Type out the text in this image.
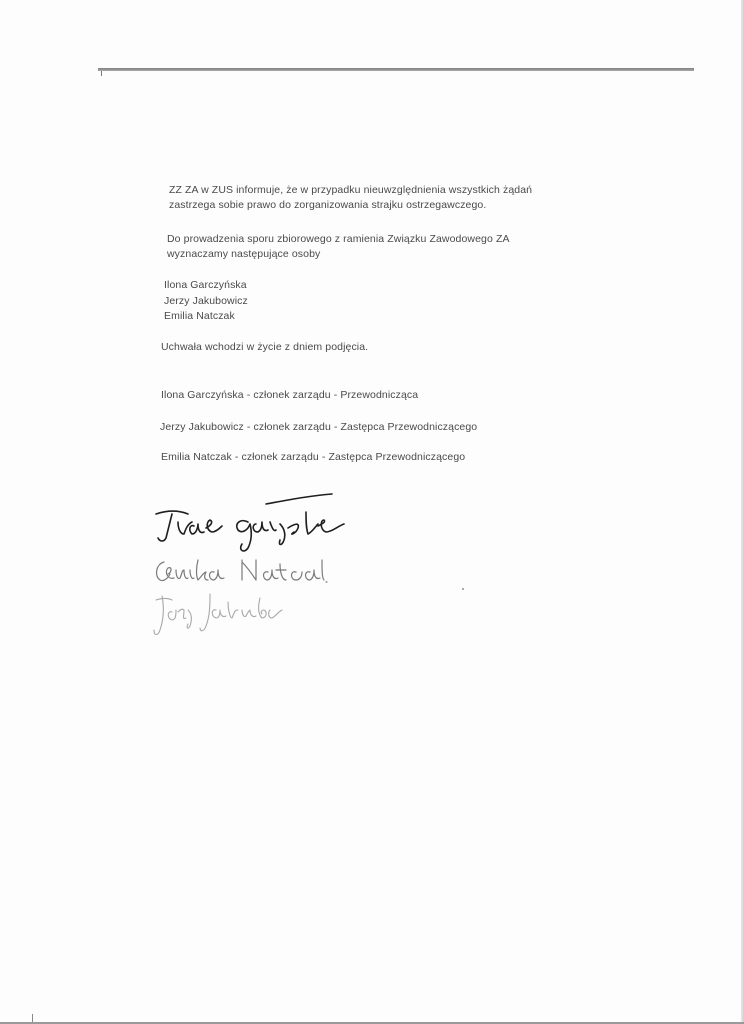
ZZ ZA w ZUS informuje, że w przypadku nieuwzględnienia wszystkich żądań
zastrzega sobie prawo do zorganizowania strajku ostrzegawczego.
Do prowadzenia sporu zbiorowego z ramienia Związku Zawodowego ZA
wyznaczamy następujące osoby
Ilona Garczyńska
Jerzy Jakubowicz
Emilia Natczak
Uchwała wchodzi w życie z dniem podjęcia.
Ilona Garczyńska - członek zarządu - Przewodnicząca
Jerzy Jakubowicz - członek zarządu - Zastępca Przewodniczącego
Emilia Natczak - członek zarządu - Zastępca Przewodniczącego
